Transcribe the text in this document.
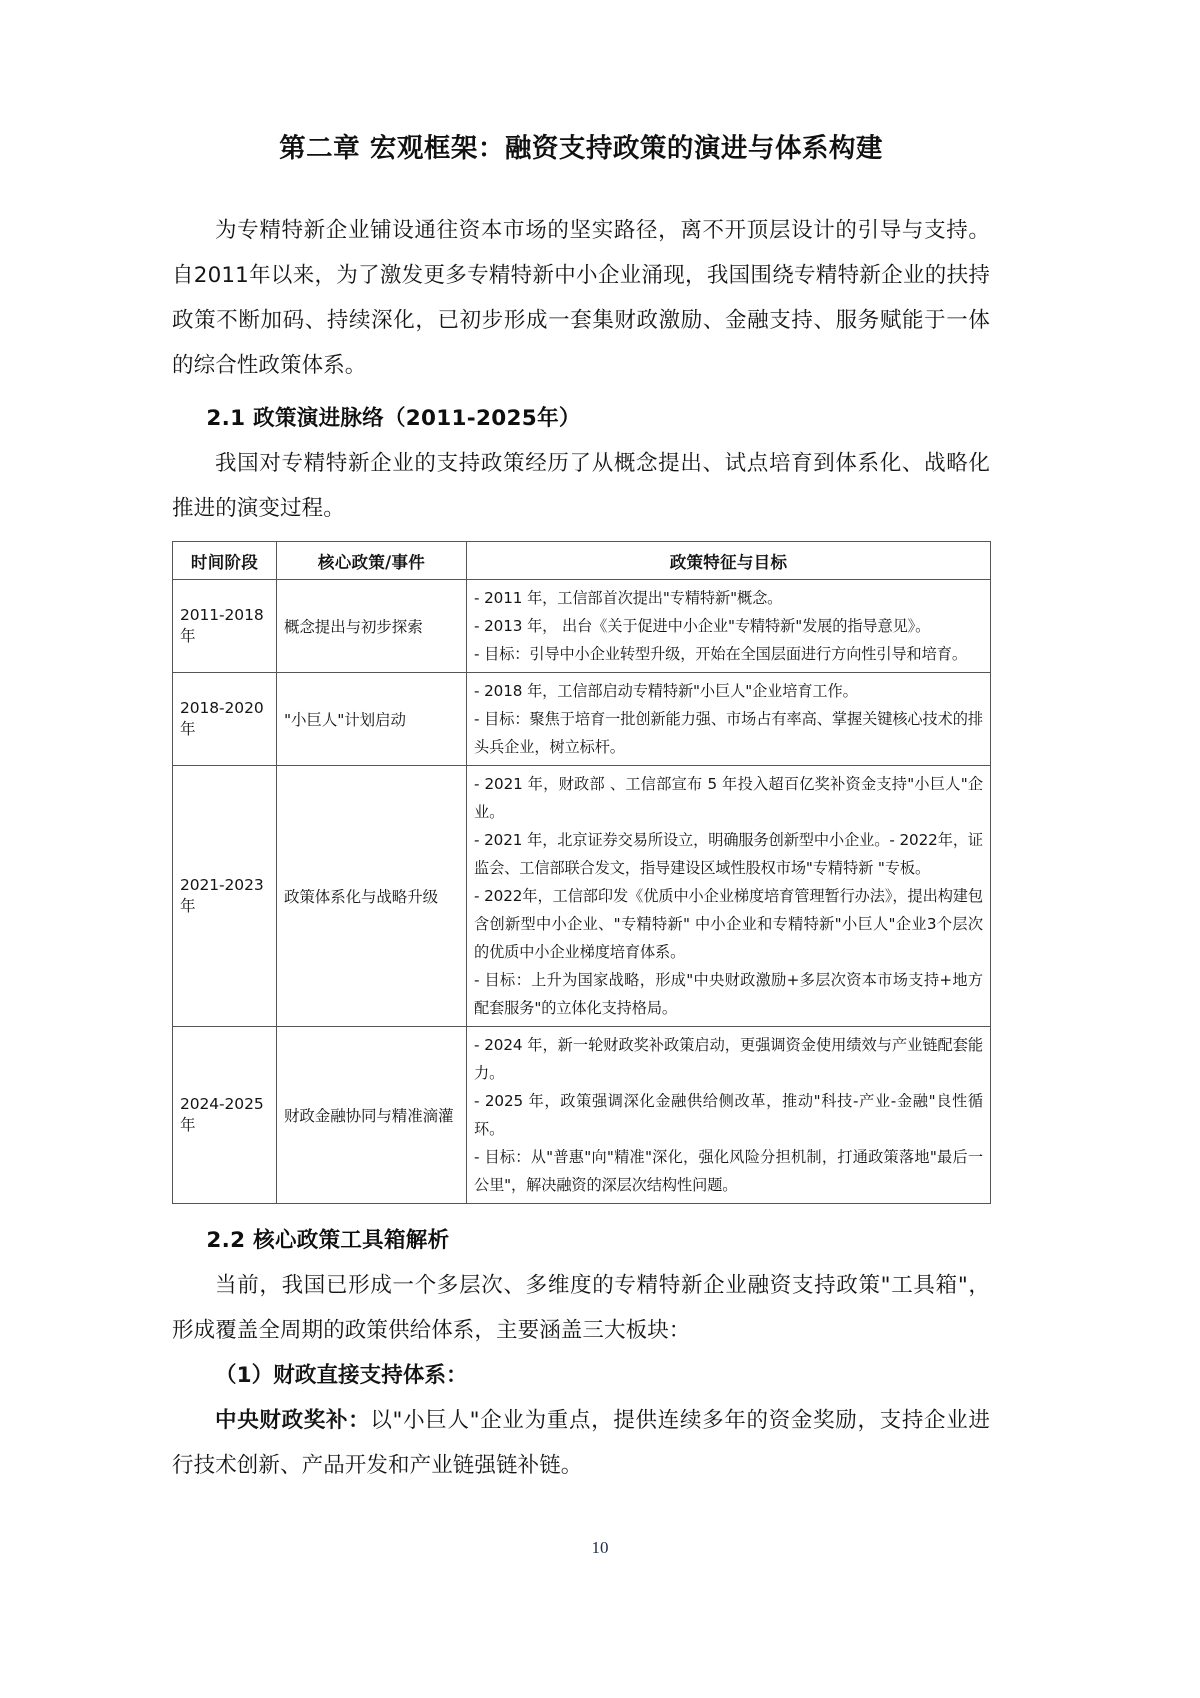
第二章 宏观框架：融资支持政策的演进与体系构建

为专精特新企业铺设通往资本市场的坚实路径，离不开顶层设计的引导与支持。自2011年以来，为了激发更多专精特新中小企业涌现，我国围绕专精特新企业的扶持政策不断加码、持续深化，已初步形成一套集财政激励、金融支持、服务赋能于一体的综合性政策体系。

2.1 政策演进脉络（2011-2025年）

我国对专精特新企业的支持政策经历了从概念提出、试点培育到体系化、战略化推进的演变过程。

时间阶段	核心政策/事件	政策特征与目标
2011-2018 年	概念提出与初步探索	- 2011 年，工信部首次提出"专精特新"概念。

- 2013 年， 出台《关于促进中小企业"专精特新"发展的指导意见》。

- 目标：引导中小企业转型升级，开始在全国层面进行方向性引导和培育。

2018-2020 年	"小巨人"计划启动	- 2018 年，工信部启动专精特新"小巨人"企业培育工作。

- 目标：聚焦于培育一批创新能力强、市场占有率高、掌握关键核心技术的排头兵企业，树立标杆。

2021-2023 年	政策体系化与战略升级	- 2021 年，财政部 、工信部宣布 5 年投入超百亿奖补资金支持"小巨人"企业。

- 2021 年，北京证券交易所设立，明确服务创新型中小企业。- 2022年，证监会、工信部联合发文，指导建设区域性股权市场"专精特新 "专板。

- 2022年，工信部印发《优质中小企业梯度培育管理暂行办法》，提出构建包含创新型中小企业、"专精特新" 中小企业和专精特新"小巨人"企业3个层次的优质中小企业梯度培育体系。

- 目标：上升为国家战略，形成"中央财政激励+多层次资本市场支持+地方配套服务"的立体化支持格局。

2024-2025 年	财政金融协同与精准滴灌	- 2024 年，新一轮财政奖补政策启动，更强调资金使用绩效与产业链配套能力。

- 2025 年，政策强调深化金融供给侧改革，推动"科技-产业-金融"良性循环。

- 目标：从"普惠"向"精准"深化，强化风险分担机制，打通政策落地"最后一公里"，解决融资的深层次结构性问题。

2.2 核心政策工具箱解析

当前，我国已形成一个多层次、多维度的专精特新企业融资支持政策"工具箱"，形成覆盖全周期的政策供给体系，主要涵盖三大板块：

（1）财政直接支持体系：

中央财政奖补：以"小巨人"企业为重点，提供连续多年的资金奖励，支持企业进行技术创新、产品开发和产业链强链补链。

10
